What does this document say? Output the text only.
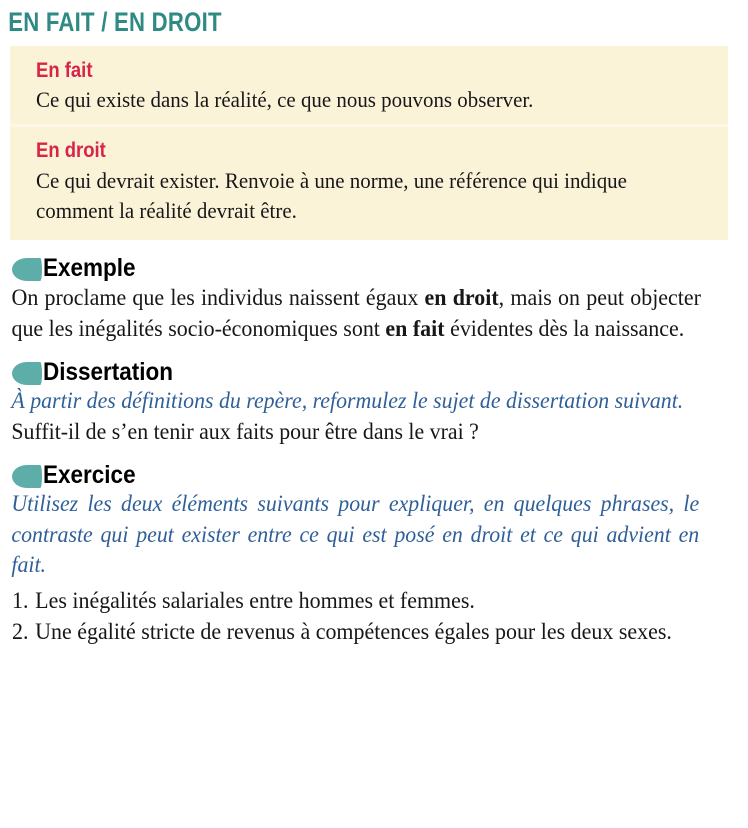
EN FAIT / EN DROIT
En fait
Ce qui existe dans la réalité, ce que nous pouvons observer.
En droit
Ce qui devrait exister. Renvoie à une norme, une référence qui indique comment la réalité devrait être.
Exemple
On proclame que les individus naissent égaux en droit, mais on peut objecter que les inégalités socio-économiques sont en fait évidentes dès la naissance.
Dissertation
À partir des définitions du repère, reformulez le sujet de dissertation suivant.
Suffit-il de s’en tenir aux faits pour être dans le vrai ?
Exercice
Utilisez les deux éléments suivants pour expliquer, en quelques phrases, le contraste qui peut exister entre ce qui est posé en droit et ce qui advient en fait.
1. Les inégalités salariales entre hommes et femmes.
2. Une égalité stricte de revenus à compétences égales pour les deux sexes.
